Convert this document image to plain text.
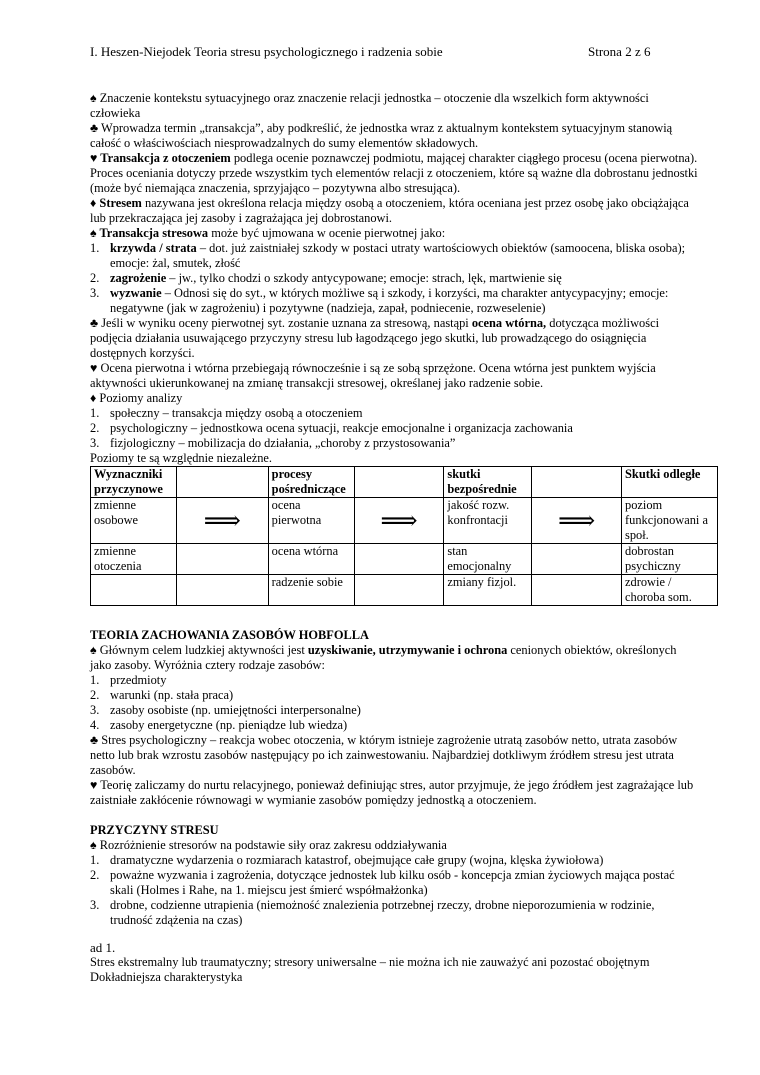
I. Heszen-Niejodek Teoria stresu psychologicznego i radzenia sobie	Strona 2 z 6

♠ Znaczenie kontekstu sytuacyjnego oraz znaczenie relacji jednostka – otoczenie dla wszelkich form aktywności człowieka

♣ Wprowadza termin „transakcja”, aby podkreślić, że jednostka wraz z aktualnym kontekstem sytuacyjnym stanowią całość o właściwościach niesprowadzalnych do sumy elementów składowych.

♥ Transakcja z otoczeniem podlega ocenie poznawczej podmiotu, mającej charakter ciągłego procesu (ocena pierwotna). Proces oceniania dotyczy przede wszystkim tych elementów relacji z otoczeniem, które są ważne dla dobrostanu jednostki (może być niemająca znaczenia, sprzyjająco – pozytywna albo stresująca).

♦ Stresem nazywana jest określona relacja między osobą a otoczeniem, która oceniana jest przez osobę jako obciążająca lub przekraczająca jej zasoby i zagrażająca jej dobrostanowi.

♠ Transakcja stresowa może być ujmowana w ocenie pierwotnej jako:

1. krzywda / strata – dot. już zaistniałej szkody w postaci utraty wartościowych obiektów (samoocena, bliska osoba); emocje: żal, smutek, złość
2. zagrożenie – jw., tylko chodzi o szkody antycypowane; emocje: strach, lęk, martwienie się
3. wyzwanie – Odnosi się do syt., w których możliwe są i szkody, i korzyści, ma charakter antycypacyjny; emocje: negatywne (jak w zagrożeniu) i pozytywne (nadzieja, zapał, podniecenie, rozweselenie)

♣ Jeśli w wyniku oceny pierwotnej syt. zostanie uznana za stresową, nastąpi ocena wtórna, dotycząca możliwości podjęcia działania usuwającego przyczyny stresu lub łagodzącego jego skutki, lub prowadzącego do osiągnięcia dostępnych korzyści.

♥ Ocena pierwotna i wtórna przebiegają równocześnie i są ze sobą sprzężone. Ocena wtórna jest punktem wyjścia aktywności ukierunkowanej na zmianę transakcji stresowej, określanej jako radzenie sobie.

♦ Poziomy analizy

1. społeczny – transakcja między osobą a otoczeniem
2. psychologiczny – jednostkowa ocena sytuacji, reakcje emocjonalne i organizacja zachowania
3. fizjologiczny – mobilizacja do działania, „choroby z przystosowania”

Poziomy te są względnie niezależne.

Wyznaczniki przyczynowe		procesy pośredniczące		skutki bezpośrednie		Skutki odległe
zmienne osobowe	⟹	ocena pierwotna	⟹	jakość rozw. konfrontacji	⟹	poziom funkcjonowani a społ.
zmienne otoczenia		ocena wtórna		stan emocjonalny		dobrostan psychiczny
		radzenie sobie		zmiany fizjol.		zdrowie / choroba som.
TEORIA ZACHOWANIA ZASOBÓW HOBFOLLA

♠ Głównym celem ludzkiej aktywności jest uzyskiwanie, utrzymywanie i ochrona cenionych obiektów, określonych jako zasoby. Wyróżnia cztery rodzaje zasobów:

1. przedmioty
2. warunki (np. stała praca)
3. zasoby osobiste (np. umiejętności interpersonalne)
4. zasoby energetyczne (np. pieniądze lub wiedza)

♣ Stres psychologiczny – reakcja wobec otoczenia, w którym istnieje zagrożenie utratą zasobów netto, utrata zasobów netto lub brak wzrostu zasobów następujący po ich zainwestowaniu. Najbardziej dotkliwym źródłem stresu jest utrata zasobów.

♥ Teorię zaliczamy do nurtu relacyjnego, ponieważ definiując stres, autor przyjmuje, że jego źródłem jest zagrażające lub zaistniałe zakłócenie równowagi w wymianie zasobów pomiędzy jednostką a otoczeniem.

PRZYCZYNY STRESU

♠ Rozróżnienie stresorów na podstawie siły oraz zakresu oddziaływania

1. dramatyczne wydarzenia o rozmiarach katastrof, obejmujące całe grupy (wojna, klęska żywiołowa)
2. poważne wyzwania i zagrożenia, dotyczące jednostek lub kilku osób - koncepcja zmian życiowych mająca postać skali (Holmes i Rahe, na 1. miejscu jest śmierć współmałżonka)
3. drobne, codzienne utrapienia (niemożność znalezienia potrzebnej rzeczy, drobne nieporozumienia w rodzinie, trudność zdążenia na czas)

ad 1.

Stres ekstremalny lub traumatyczny; stresory uniwersalne – nie można ich nie zauważyć ani pozostać obojętnym

Dokładniejsza charakterystyka
